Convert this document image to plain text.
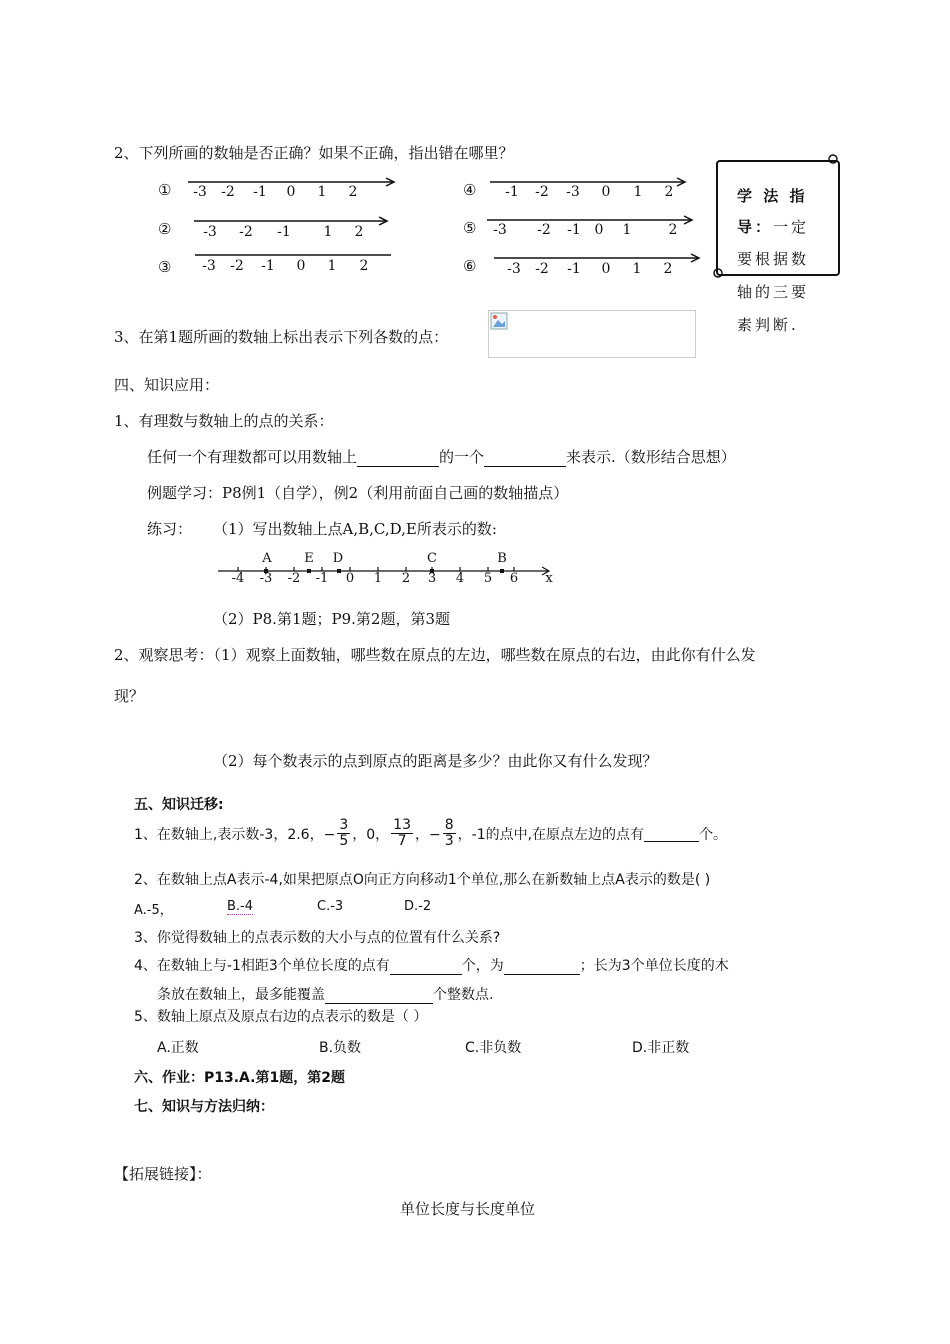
2、下列所画的数轴是否正确？如果不正确，指出错在哪里？
① -3 -2 -1 0 1 2
② -3 -2 -1 1 2
③ -3 -2 -1 0 1 2
④ -1 -2 -3 0 1 2
⑤ -3 -2 -1 0 1	2
⑥ -3 -2 -1 0 1 2
学 法 指
导：一定
要根据数
轴的三要
素判断.
3、在第1题所画的数轴上标出表示下列各数的点：
四、知识应用：
1、有理数与数轴上的点的关系：
任何一个有理数都可以用数轴上	的一个	来表示.（数形结合思想）
例题学习：P8例1（自学），例2（利用前面自己画的数轴描点）
练习： （1）写出数轴上点A,B,C,D,E所表示的数:
A	E D	C	B
-4 -3 -2 -1 0 1 2 3 4 5 6 x
（2）P8.第1题；P9.第2题，第3题
2、观察思考：（1）观察上面数轴，哪些数在原点的左边，哪些数在原点的右边，由此你有什么发
现？
（2）每个数表示的点到原点的距离是多少？由此你又有什么发现？
五、知识迁移:
1、在数轴上,表示数-3，2.6，− $\frac{3}{5}$ ，0， $\frac{13}{7}$ ，− $\frac{8}{3}$ ，-1的点中,在原点左边的点有	个。
2、在数轴上点A表示-4,如果把原点O向正方向移动1个单位,那么在新数轴上点A表示的数是( )
A.-5，	B.-4	C.-3	D.-2
3、你觉得数轴上的点表示数的大小与点的位置有什么关系?
4、在数轴上与-1相距3个单位长度的点有	个，为	；长为3个单位长度的木
条放在数轴上，最多能覆盖	个整数点.
5、数轴上原点及原点右边的点表示的数是（ ）
A.正数	B.负数	C.非负数	D.非正数
六、作业：P13.A.第1题，第2题
七、知识与方法归纳：
【拓展链接】：
单位长度与长度单位
